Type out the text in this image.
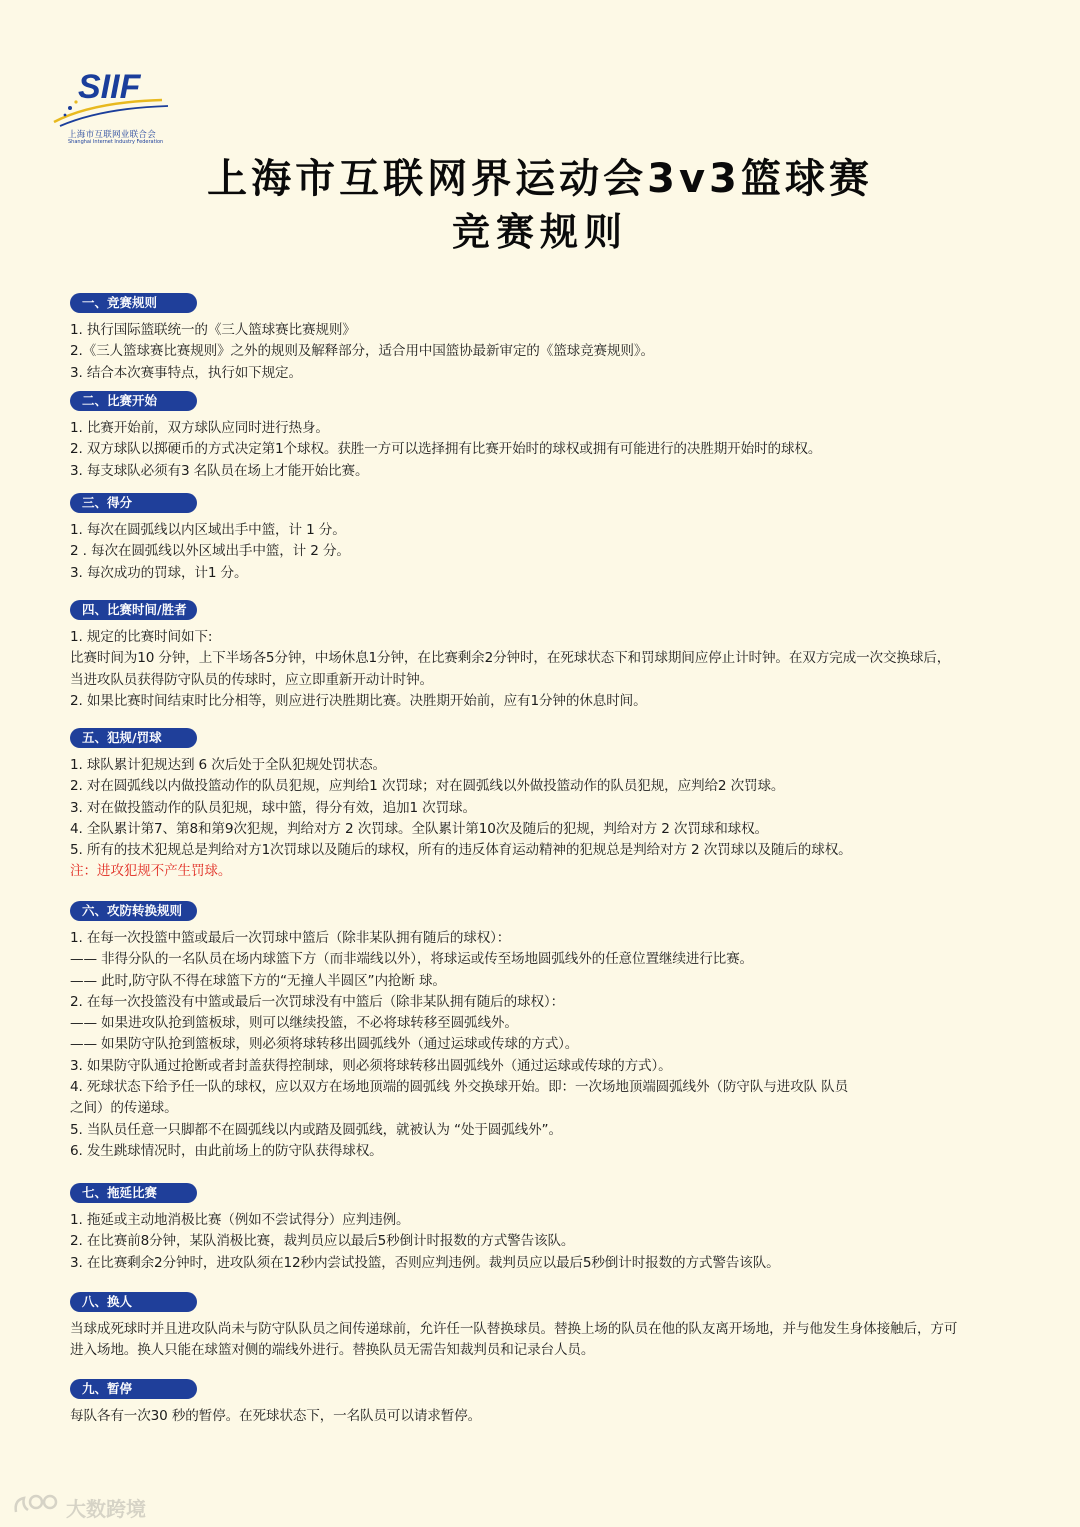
SIIF
上海市互联网业联合会
Shanghai Internet Industry Federation
上海市互联网界运动会3v3篮球赛
竞赛规则
一、竞赛规则
1. 执行国际篮联统一的《三人篮球赛比赛规则》
2.《三人篮球赛比赛规则》之外的规则及解释部分，适合用中国篮协最新审定的《篮球竞赛规则》。
3. 结合本次赛事特点，执行如下规定。
二、比赛开始
1. 比赛开始前，双方球队应同时进行热身。
2. 双方球队以掷硬币的方式决定第1个球权。获胜一方可以选择拥有比赛开始时的球权或拥有可能进行的决胜期开始时的球权。
3. 每支球队必须有3 名队员在场上才能开始比赛。
三、得分
1. 每次在圆弧线以内区域出手中篮，计 1 分。
2 . 每次在圆弧线以外区域出手中篮，计 2 分。
3. 每次成功的罚球，计1 分。
四、比赛时间/胜者
1. 规定的比赛时间如下:
比赛时间为10 分钟，上下半场各5分钟，中场休息1分钟，在比赛剩余2分钟时，在死球状态下和罚球期间应停止计时钟。在双方完成一次交换球后，
当进攻队员获得防守队员的传球时，应立即重新开动计时钟。
2. 如果比赛时间结束时比分相等，则应进行决胜期比赛。决胜期开始前，应有1分钟的休息时间。
五、犯规/罚球
1. 球队累计犯规达到 6 次后处于全队犯规处罚状态。
2. 对在圆弧线以内做投篮动作的队员犯规，应判给1 次罚球；对在圆弧线以外做投篮动作的队员犯规，应判给2 次罚球。
3. 对在做投篮动作的队员犯规，球中篮，得分有效，追加1 次罚球。
4. 全队累计第7、第8和第9次犯规，判给对方 2 次罚球。全队累计第10次及随后的犯规，判给对方 2 次罚球和球权。
5. 所有的技术犯规总是判给对方1次罚球以及随后的球权，所有的违反体育运动精神的犯规总是判给对方 2 次罚球以及随后的球权。
注：进攻犯规不产生罚球。
六、攻防转换规则
1. 在每一次投篮中篮或最后一次罚球中篮后（除非某队拥有随后的球权）：
—— 非得分队的一名队员在场内球篮下方（而非端线以外），将球运或传至场地圆弧线外的任意位置继续进行比赛。
—— 此时,防守队不得在球篮下方的“无撞人半圆区”内抢断 球。
2. 在每一次投篮没有中篮或最后一次罚球没有中篮后（除非某队拥有随后的球权）：
—— 如果进攻队抢到篮板球，则可以继续投篮，不必将球转移至圆弧线外。
—— 如果防守队抢到篮板球，则必须将球转移出圆弧线外（通过运球或传球的方式）。
3. 如果防守队通过抢断或者封盖获得控制球，则必须将球转移出圆弧线外（通过运球或传球的方式）。
4. 死球状态下给予任一队的球权，应以双方在场地顶端的圆弧线 外交换球开始。即：一次场地顶端圆弧线外（防守队与进攻队 队员
之间）的传递球。
5. 当队员任意一只脚都不在圆弧线以内或踏及圆弧线，就被认为 “处于圆弧线外”。
6. 发生跳球情况时，由此前场上的防守队获得球权。
七、拖延比赛
1. 拖延或主动地消极比赛（例如不尝试得分）应判违例。
2. 在比赛前8分钟，某队消极比赛，裁判员应以最后5秒倒计时报数的方式警告该队。
3. 在比赛剩余2分钟时，进攻队须在12秒内尝试投篮，否则应判违例。裁判员应以最后5秒倒计时报数的方式警告该队。
八、换人
当球成死球时并且进攻队尚未与防守队队员之间传递球前，允许任一队替换球员。替换上场的队员在他的队友离开场地，并与他发生身体接触后，方可
进入场地。换人只能在球篮对侧的端线外进行。替换队员无需告知裁判员和记录台人员。
九、暂停
每队各有一次30 秒的暂停。在死球状态下，一名队员可以请求暂停。
大数跨境
